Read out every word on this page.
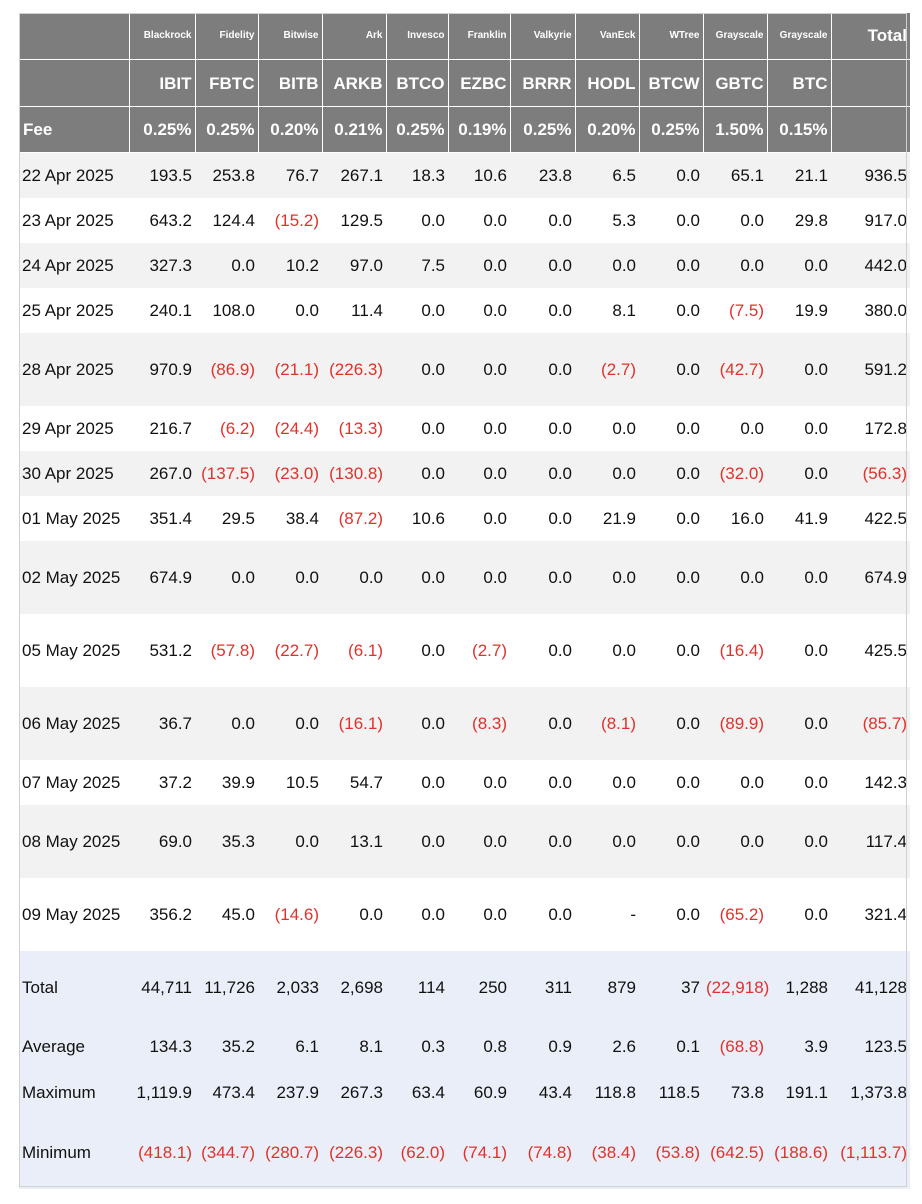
	Blackrock	Fidelity	Bitwise	Ark	Invesco	Franklin	Valkyrie	VanEck	WTree	Grayscale	Grayscale	Total
	IBIT	FBTC	BITB	ARKB	BTCO	EZBC	BRRR	HODL	BTCW	GBTC	BTC	
Fee	0.25%	0.25%	0.20%	0.21%	0.25%	0.19%	0.25%	0.20%	0.25%	1.50%	0.15%	
22 Apr 2025	193.5	253.8	76.7	267.1	18.3	10.6	23.8	6.5	0.0	65.1	21.1	936.5
23 Apr 2025	643.2	124.4	(15.2)	129.5	0.0	0.0	0.0	5.3	0.0	0.0	29.8	917.0
24 Apr 2025	327.3	0.0	10.2	97.0	7.5	0.0	0.0	0.0	0.0	0.0	0.0	442.0
25 Apr 2025	240.1	108.0	0.0	11.4	0.0	0.0	0.0	8.1	0.0	(7.5)	19.9	380.0
28 Apr 2025	970.9	(86.9)	(21.1)	(226.3)	0.0	0.0	0.0	(2.7)	0.0	(42.7)	0.0	591.2
29 Apr 2025	216.7	(6.2)	(24.4)	(13.3)	0.0	0.0	0.0	0.0	0.0	0.0	0.0	172.8
30 Apr 2025	267.0	(137.5)	(23.0)	(130.8)	0.0	0.0	0.0	0.0	0.0	(32.0)	0.0	(56.3)
01 May 2025	351.4	29.5	38.4	(87.2)	10.6	0.0	0.0	21.9	0.0	16.0	41.9	422.5
02 May 2025	674.9	0.0	0.0	0.0	0.0	0.0	0.0	0.0	0.0	0.0	0.0	674.9
05 May 2025	531.2	(57.8)	(22.7)	(6.1)	0.0	(2.7)	0.0	0.0	0.0	(16.4)	0.0	425.5
06 May 2025	36.7	0.0	0.0	(16.1)	0.0	(8.3)	0.0	(8.1)	0.0	(89.9)	0.0	(85.7)
07 May 2025	37.2	39.9	10.5	54.7	0.0	0.0	0.0	0.0	0.0	0.0	0.0	142.3
08 May 2025	69.0	35.3	0.0	13.1	0.0	0.0	0.0	0.0	0.0	0.0	0.0	117.4
09 May 2025	356.2	45.0	(14.6)	0.0	0.0	0.0	0.0	-	0.0	(65.2)	0.0	321.4
Total	44,711	11,726	2,033	2,698	114	250	311	879	37	(22,918)	1,288	41,128
Average	134.3	35.2	6.1	8.1	0.3	0.8	0.9	2.6	0.1	(68.8)	3.9	123.5
Maximum	1,119.9	473.4	237.9	267.3	63.4	60.9	43.4	118.8	118.5	73.8	191.1	1,373.8
Minimum	(418.1)	(344.7)	(280.7)	(226.3)	(62.0)	(74.1)	(74.8)	(38.4)	(53.8)	(642.5)	(188.6)	(1,113.7)
